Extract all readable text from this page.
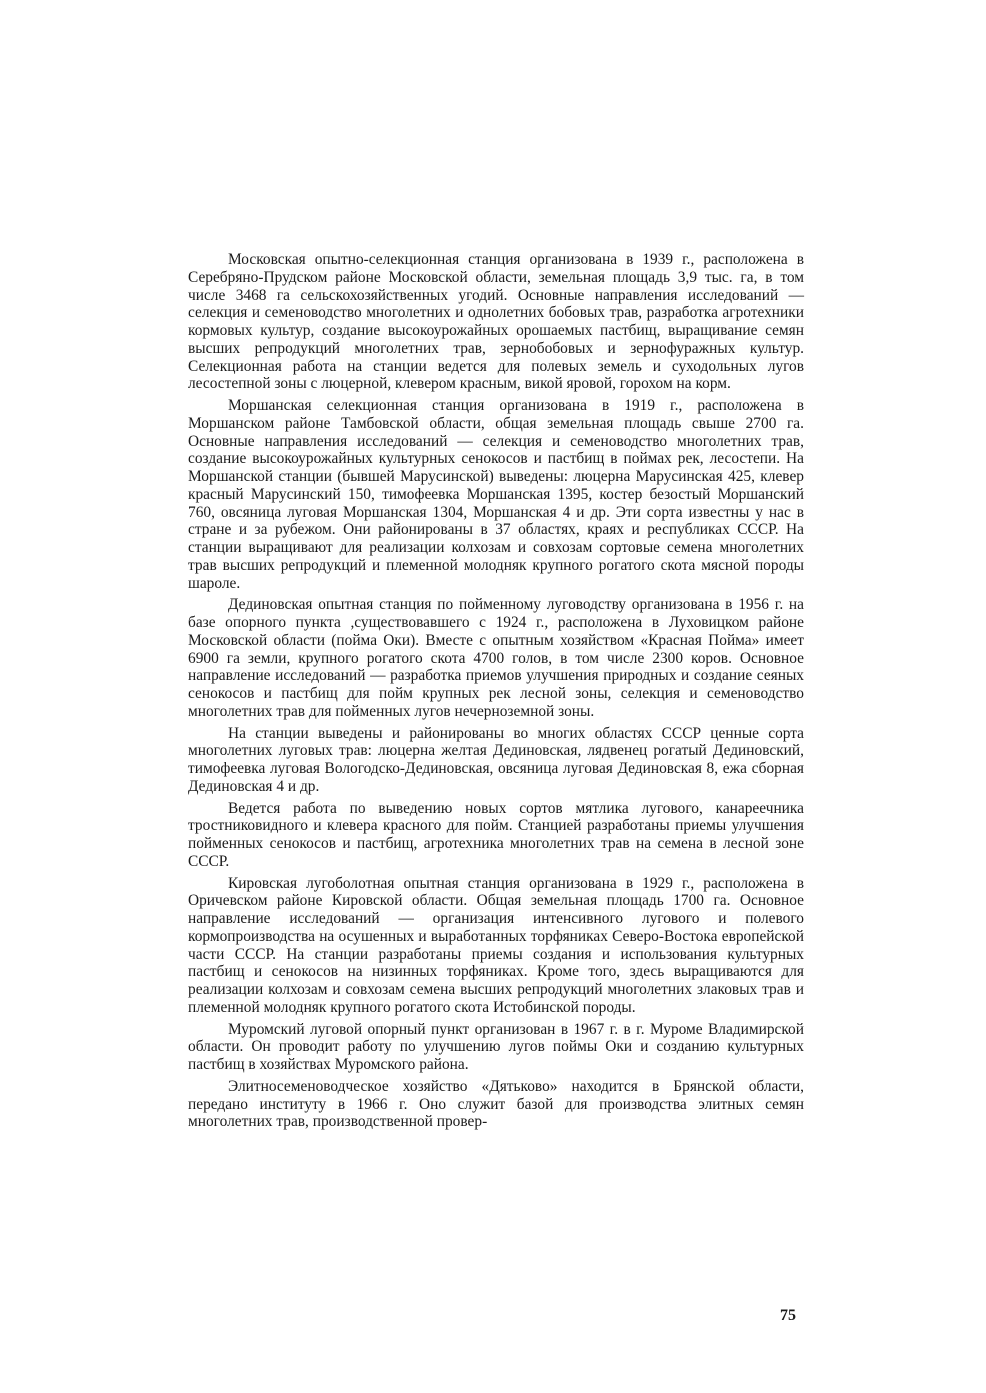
Московская опытно-селекционная станция организована в 1939 г., расположена в Серебряно-Прудском районе Московской области, земельная площадь 3,9 тыс. га, в том числе 3468 га сельскохозяйственных угодий. Основные направления исследований — селекция и семеноводство многолетних и однолетних бобовых трав, разработка агротехники кормовых культур, создание высокоурожайных орошаемых пастбищ, выращивание семян высших репродукций многолетних трав, зернобобовых и зернофуражных культур. Селекционная работа на станции ведется для полевых земель и суходольных лугов лесостепной зоны с люцерной, клевером красным, викой яровой, горохом на корм.

Моршанская селекционная станция организована в 1919 г., расположена в Моршанском районе Тамбовской области, общая земельная площадь свыше 2700 га. Основные направления исследований — селекция и семеноводство многолетних трав, создание высокоурожайных культурных сенокосов и пастбищ в поймах рек, лесостепи. На Моршанской станции (бывшей Марусинской) выведены: люцерна Марусинская 425, клевер красный Марусинский 150, тимофеевка Моршанская 1395, костер безостый Моршанский 760, овсяница луговая Моршанская 1304, Моршанская 4 и др. Эти сорта известны у нас в стране и за рубежом. Они районированы в 37 областях, краях и республиках СССР. На станции выращивают для реализации колхозам и совхозам сортовые семена многолетних трав высших репродукций и племенной молодняк крупного рогатого скота мясной породы шароле.

Дединовская опытная станция по пойменному луговодству организована в 1956 г. на базе опорного пункта ,существовавшего с 1924 г., расположена в Луховицком районе Московской области (пойма Оки). Вместе с опытным хозяйством «Красная Пойма» имеет 6900 га земли, крупного рогатого скота 4700 голов, в том числе 2300 коров. Основное направление исследований — разработка приемов улучшения природных и создание сеяных сенокосов и пастбищ для пойм крупных рек лесной зоны, селекция и семеноводство многолетних трав для пойменных лугов нечерноземной зоны.

На станции выведены и районированы во многих областях СССР ценные сорта многолетних луговых трав: люцерна желтая Дединовская, лядвенец рогатый Дединовский, тимофеевка луговая Вологодско-Дединовская, овсяница луговая Дединовская 8, ежа сборная Дединовская 4 и др.

Ведется работа по выведению новых сортов мятлика лугового, канареечника тростниковидного и клевера красного для пойм. Станцией разработаны приемы улучшения пойменных сенокосов и пастбищ, агротехника многолетних трав на семена в лесной зоне СССР.

Кировская лугоболотная опытная станция организована в 1929 г., расположена в Оричевском районе Кировской области. Общая земельная площадь 1700 га. Основное направление исследований — организация интенсивного лугового и полевого кормопроизводства на осушенных и выработанных торфяниках Северо-Востока европейской части СССР. На станции разработаны приемы создания и использования культурных пастбищ и сенокосов на низинных торфяниках. Кроме того, здесь выращиваются для реализации колхозам и совхозам семена высших репродукций многолетних злаковых трав и племенной молодняк крупного рогатого скота Истобинской породы.

Муромский луговой опорный пункт организован в 1967 г. в г. Муроме Владимирской области. Он проводит работу по улучшению лугов поймы Оки и созданию культурных пастбищ в хозяйствах Муромского района.

Элитносеменоводческое хозяйство «Дятьково» находится в Брянской области, передано институту в 1966 г. Оно служит базой для производства элитных семян многолетних трав, производственной провер-

75
